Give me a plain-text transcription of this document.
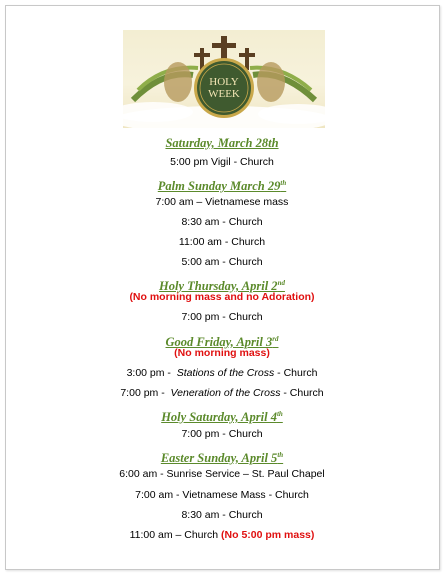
HOLY
WEEK
Saturday, March 28th
5:00 pm Vigil - Church
Palm Sunday March 29th
7:00 am – Vietnamese mass
8:30 am - Church
11:00 am - Church
5:00 am - Church
Holy Thursday, April 2nd
(No morning mass and no Adoration)
7:00 pm - Church
Good Friday, April 3rd
(No morning mass)
3:00 pm -  Stations of the Cross - Church
7:00 pm -  Veneration of the Cross - Church
Holy Saturday, April 4th
7:00 pm - Church
Easter Sunday, April 5th
6:00 am - Sunrise Service – St. Paul Chapel
7:00 am - Vietnamese Mass - Church
8:30 am - Church
11:00 am – Church (No 5:00 pm mass)
